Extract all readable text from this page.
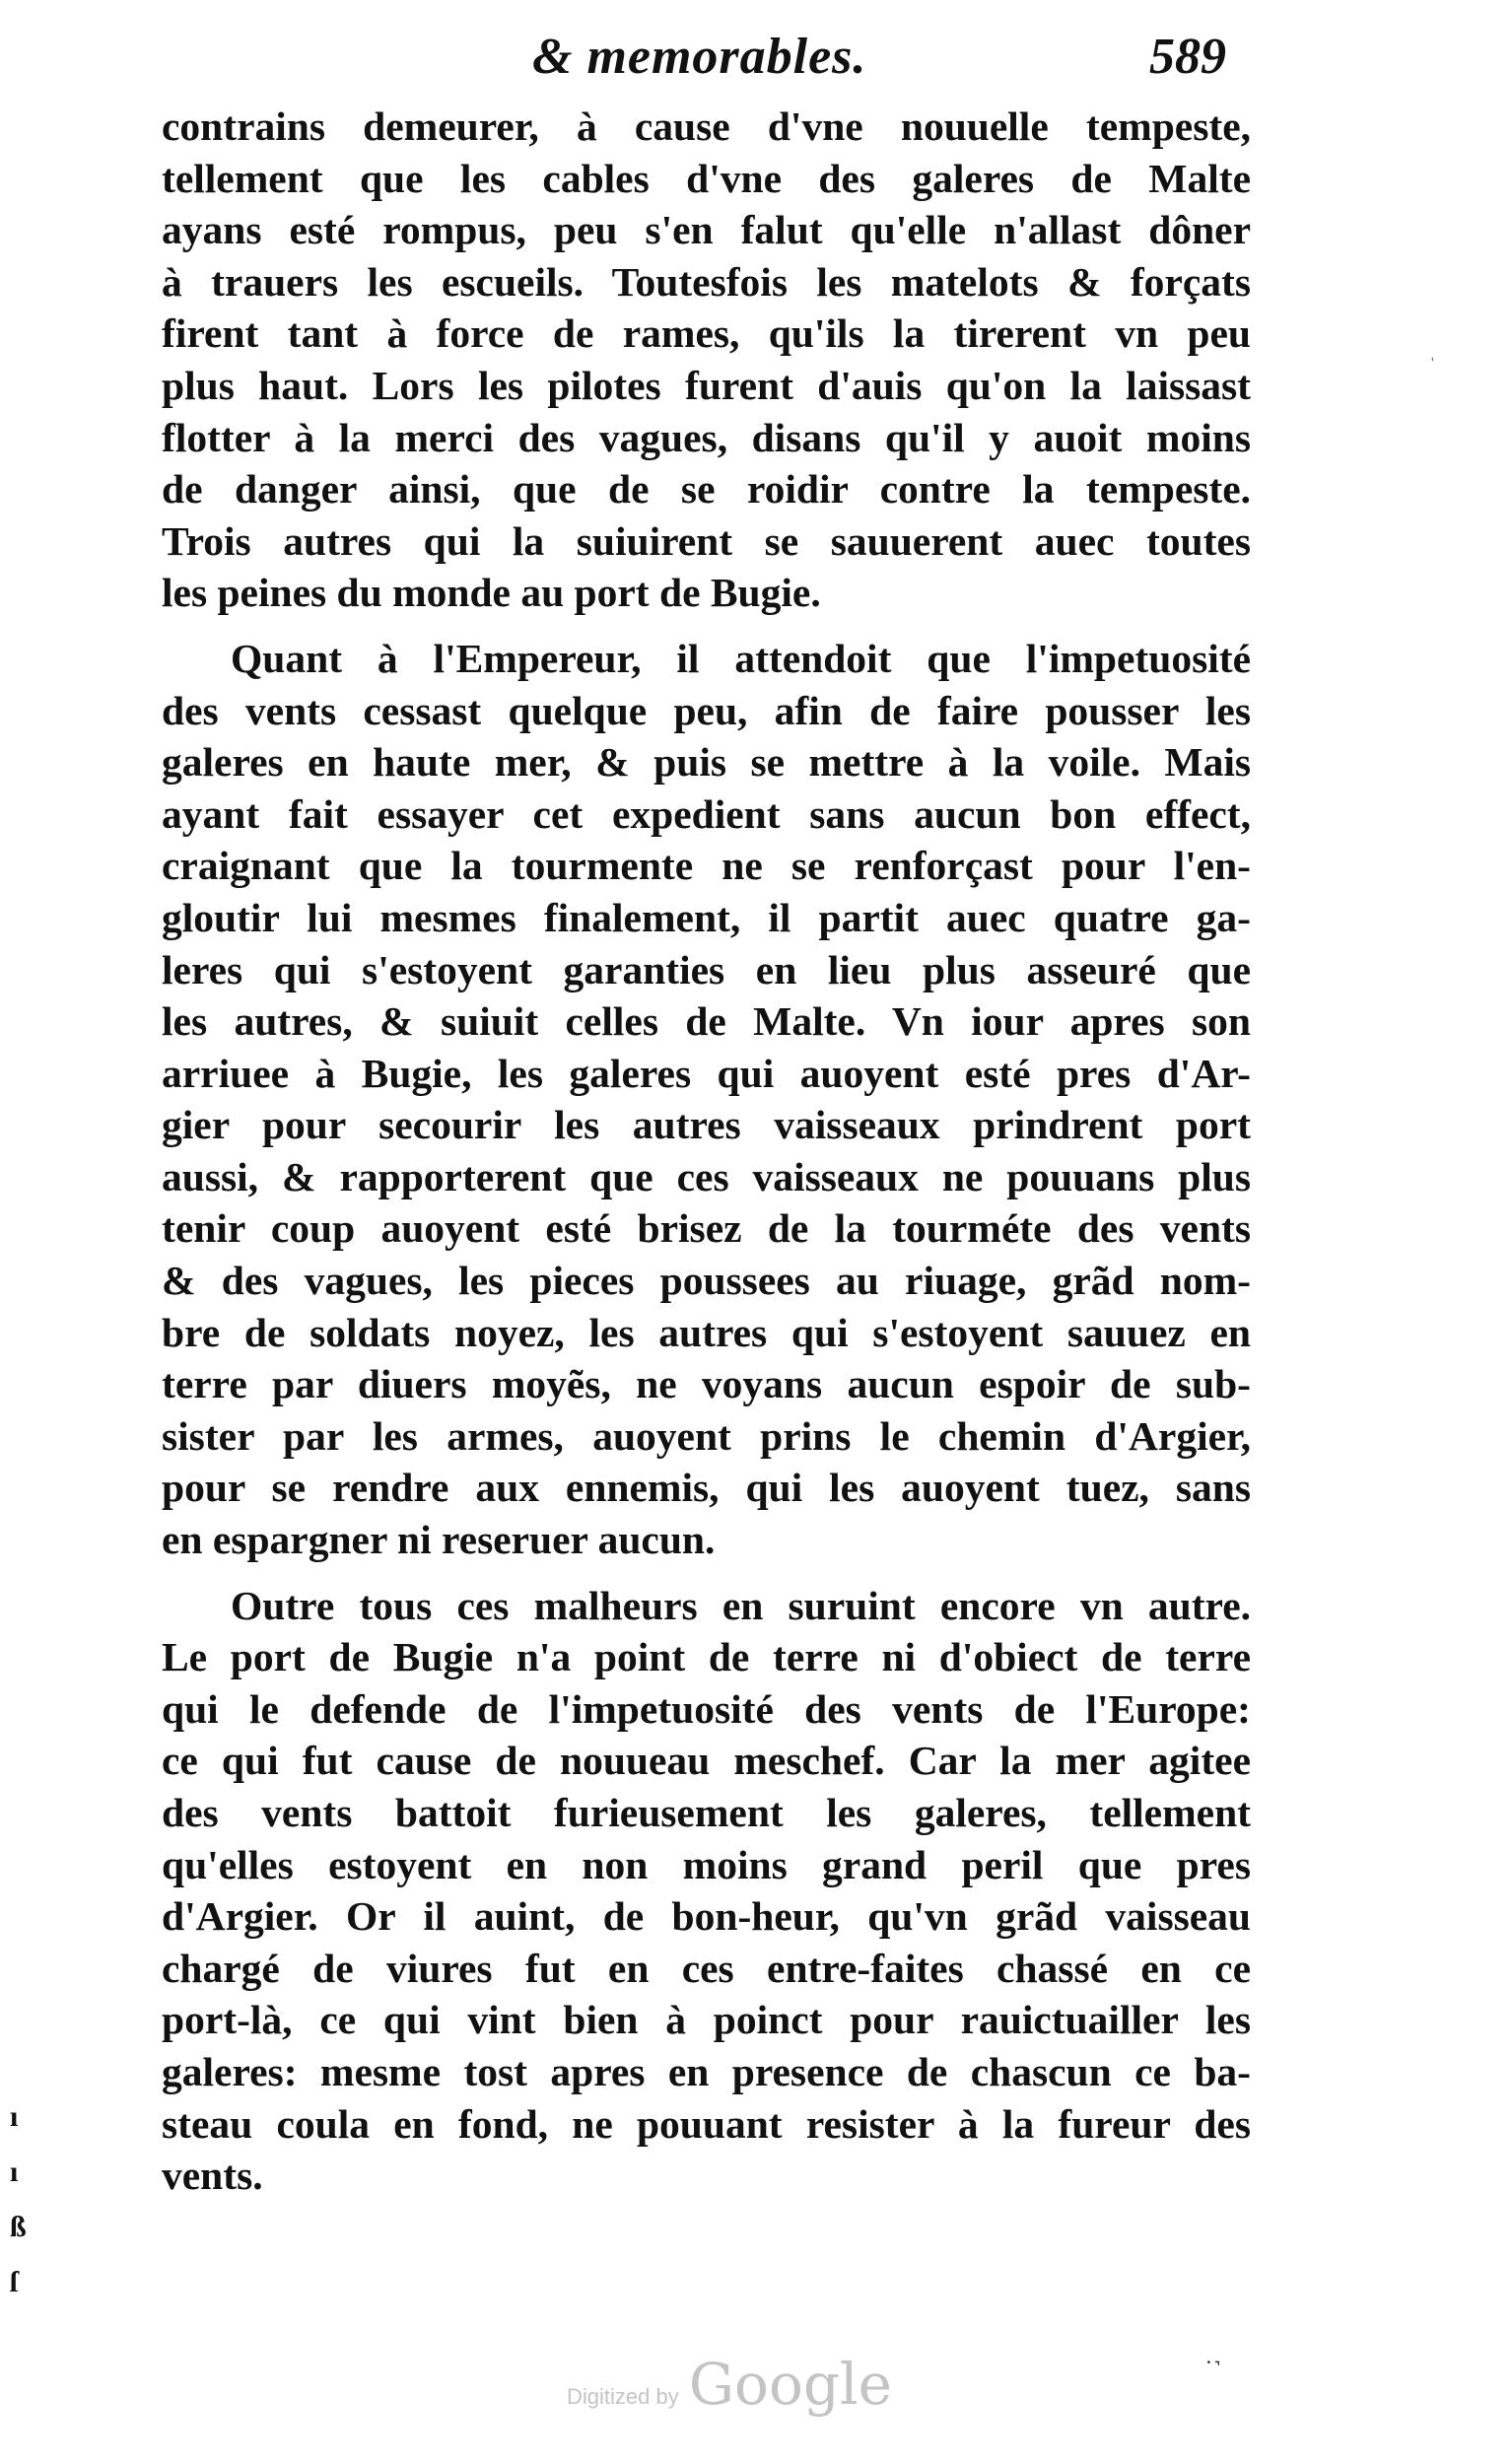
& memorables.	589
ˈ
contrains demeurer, à cause d'vne nouuelle tempeste,
tellement que les cables d'vne des galeres de Malte
ayans esté rompus, peu s'en falut qu'elle n'allast dôner
à trauers les escueils. Toutesfois les matelots & forçats
firent tant à force de rames, qu'ils la tirerent vn peu
plus haut. Lors les pilotes furent d'auis qu'on la laissast
flotter à la merci des vagues, disans qu'il y auoit moins
de danger ainsi, que de se roidir contre la tempeste.
Trois autres qui la suiuirent se sauuerent auec toutes
les peines du monde au port de Bugie.
Quant à l'Empereur, il attendoit que l'impetuosité
des vents cessast quelque peu, afin de faire pousser les
galeres en haute mer, & puis se mettre à la voile. Mais
ayant fait essayer cet expedient sans aucun bon effect,
craignant que la tourmente ne se renforçast pour l'en-
gloutir lui mesmes finalement, il partit auec quatre ga-
leres qui s'estoyent garanties en lieu plus asseuré que
les autres, & suiuit celles de Malte. Vn iour apres son
arriuee à Bugie, les galeres qui auoyent esté pres d'Ar-
gier pour secourir les autres vaisseaux prindrent port
aussi, & rapporterent que ces vaisseaux ne pouuans plus
tenir coup auoyent esté brisez de la tourméte des vents
& des vagues, les pieces poussees au riuage, grãd nom-
bre de soldats noyez, les autres qui s'estoyent sauuez en
terre par diuers moyẽs, ne voyans aucun espoir de sub-
sister par les armes, auoyent prins le chemin d'Argier,
pour se rendre aux ennemis, qui les auoyent tuez, sans
en espargner ni reseruer aucun.
Outre tous ces malheurs en suruint encore vn autre.
Le port de Bugie n'a point de terre ni d'obiect de terre
qui le defende de l'impetuosité des vents de l'Europe:
ce qui fut cause de nouueau meschef. Car la mer agitee
des vents battoit furieusement les galeres, tellement
qu'elles estoyent en non moins grand peril que pres
d'Argier. Or il auint, de bon-heur, qu'vn grãd vaisseau
chargé de viures fut en ces entre-faites chassé en ce
port-là, ce qui vint bien à poinct pour rauictuailler les
galeres: mesme tost apres en presence de chascun ce ba-
steau coula en fond, ne pouuant resister à la fureur des
vents.
ı
ı
ß
ſ
˙˺
Digitized by Google
